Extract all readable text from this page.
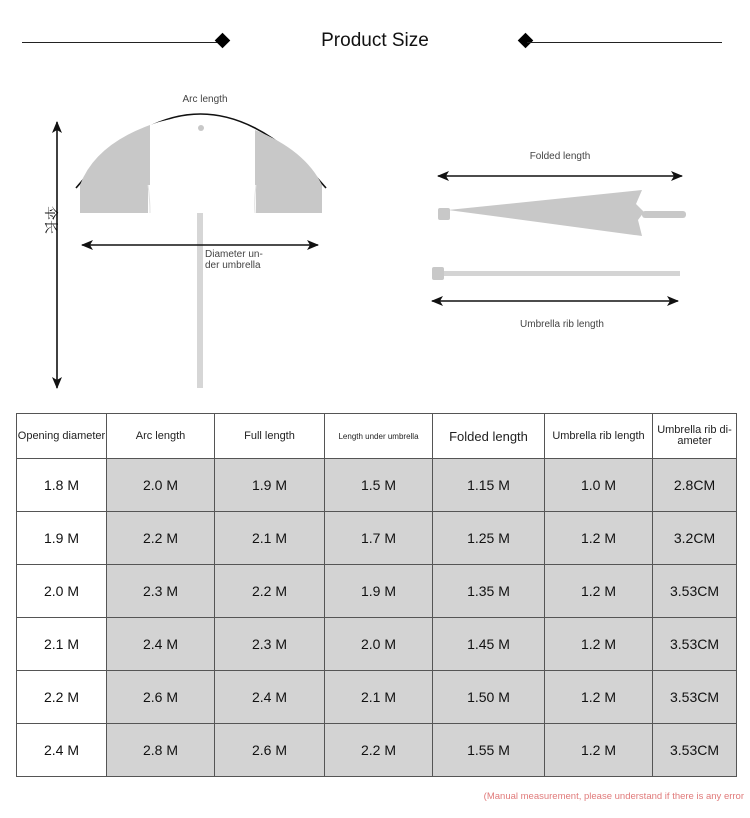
Product Size
Arc length
Diameter un-
der umbrella
伞长
Folded length
Umbrella rib length
Opening diameter	Arc length	Full length	Length under umbrella	Folded length	Umbrella rib length	Umbrella rib di-ameter
1.8 M	2.0 M	1.9 M	1.5 M	1.15 M	1.0 M	2.8CM
1.9 M	2.2 M	2.1 M	1.7 M	1.25 M	1.2 M	3.2CM
2.0 M	2.3 M	2.2 M	1.9 M	1.35 M	1.2 M	3.53CM
2.1 M	2.4 M	2.3 M	2.0 M	1.45 M	1.2 M	3.53CM
2.2 M	2.6 M	2.4 M	2.1 M	1.50 M	1.2 M	3.53CM
2.4 M	2.8 M	2.6 M	2.2 M	1.55 M	1.2 M	3.53CM
(Manual measurement, please understand if there is any error
